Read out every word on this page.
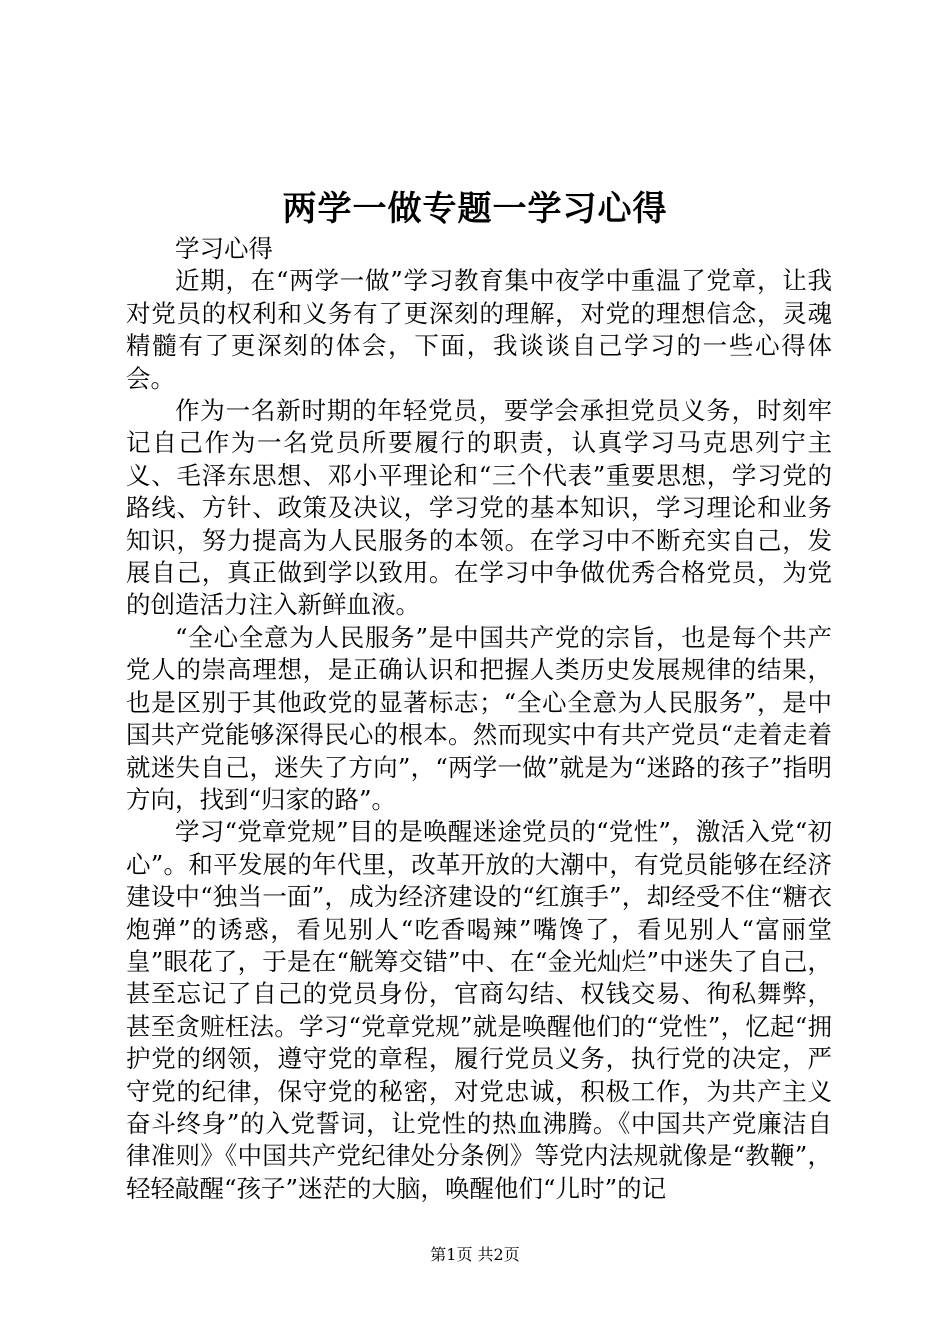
两学一做专题一学习心得

学习心得

近期，在“两学一做”学习教育集中夜学中重温了党章，让我对党员的权利和义务有了更深刻的理解，对党的理想信念，灵魂精髓有了更深刻的体会，下面，我谈谈自己学习的一些心得体会。

作为一名新时期的年轻党员，要学会承担党员义务，时刻牢记自己作为一名党员所要履行的职责，认真学习马克思列宁主义、毛泽东思想、邓小平理论和“三个代表”重要思想，学习党的路线、方针、政策及决议，学习党的基本知识，学习理论和业务知识，努力提高为人民服务的本领。在学习中不断充实自己，发展自己，真正做到学以致用。在学习中争做优秀合格党员，为党的创造活力注入新鲜血液。

“全心全意为人民服务”是中国共产党的宗旨，也是每个共产党人的崇高理想，是正确认识和把握人类历史发展规律的结果，也是区别于其他政党的显著标志；“全心全意为人民服务”，是中国共产党能够深得民心的根本。然而现实中有共产党员“走着走着就迷失自己，迷失了方向”，“两学一做”就是为“迷路的孩子”指明方向，找到“归家的路”。

学习“党章党规”目的是唤醒迷途党员的“党性”，激活入党“初心”。和平发展的年代里，改革开放的大潮中，有党员能够在经济建设中“独当一面”，成为经济建设的“红旗手”，却经受不住“糖衣炮弹”的诱惑，看见别人“吃香喝辣”嘴馋了，看见别人“富丽堂皇”眼花了，于是在“觥筹交错”中、在“金光灿烂”中迷失了自己，甚至忘记了自己的党员身份，官商勾结、权钱交易、徇私舞弊，甚至贪赃枉法。学习“党章党规”就是唤醒他们的“党性”，忆起“拥护党的纲领，遵守党的章程，履行党员义务，执行党的决定，严守党的纪律，保守党的秘密，对党忠诚，积极工作，为共产主义奋斗终身”的入党誓词，让党性的热血沸腾。《中国共产党廉洁自律准则》《中国共产党纪律处分条例》等党内法规就像是“教鞭”，轻轻敲醒“孩子”迷茫的大脑，唤醒他们“儿时”的记

第1页 共2页
